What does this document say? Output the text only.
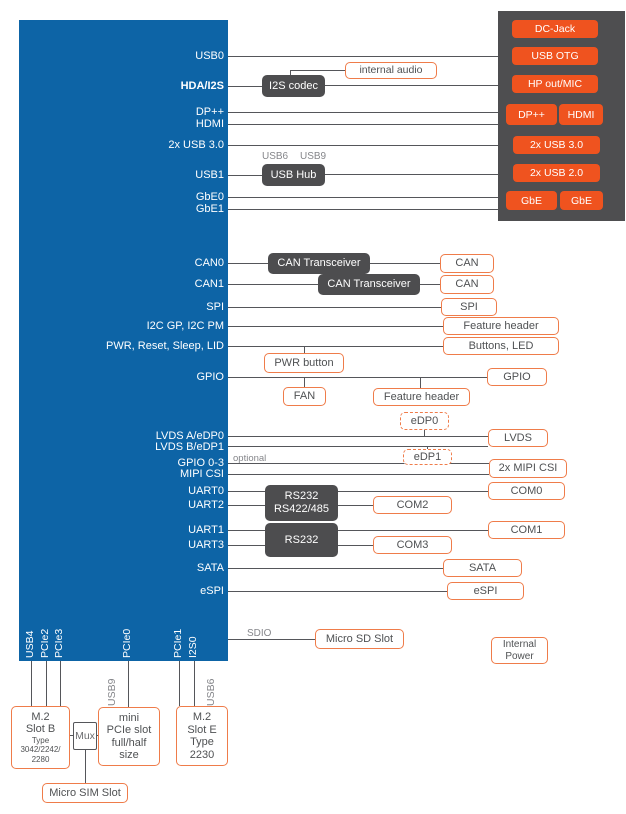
DC-Jack
USB OTG
HP out/MIC
DP++ HDMI
2x USB 3.0
2x USB 2.0
GbE	GbE
USB0
HDA/I2S
DP++
HDMI
2x USB 3.0
USB1
GbE0
GbE1
CAN0
CAN1
SPI
I2C GP, I2C PM
PWR, Reset, Sleep, LID
GPIO
LVDS A/eDP0
LVDS B/eDP1
GPIO 0-3
MIPI CSI
UART0
UART2
UART1
UART3
SATA
eSPI
USB4 PCIe2 PCIe3	PCIe0	PCIe1 I2S0
USB9	USB6
I2S codec
USB Hub
CAN Transceiver
CAN Transceiver
RS232
RS422/485
RS232
USB6 USB9
optional
SDIO
internal audio
CAN
CAN
SPI
Feature header
Buttons, LED
GPIO
PWR button
FAN	Feature header
eDP0
eDP1
LVDS
2x MIPI CSI
COM0
COM2
COM1
COM3
SATA
eSPI
Micro SD Slot	Internal
Power
M.2
Slot B
Type
3042/2242/
2280
Mux
mini
PCIe slot
full/half
size
M.2
Slot E
Type
2230
Micro SIM Slot
